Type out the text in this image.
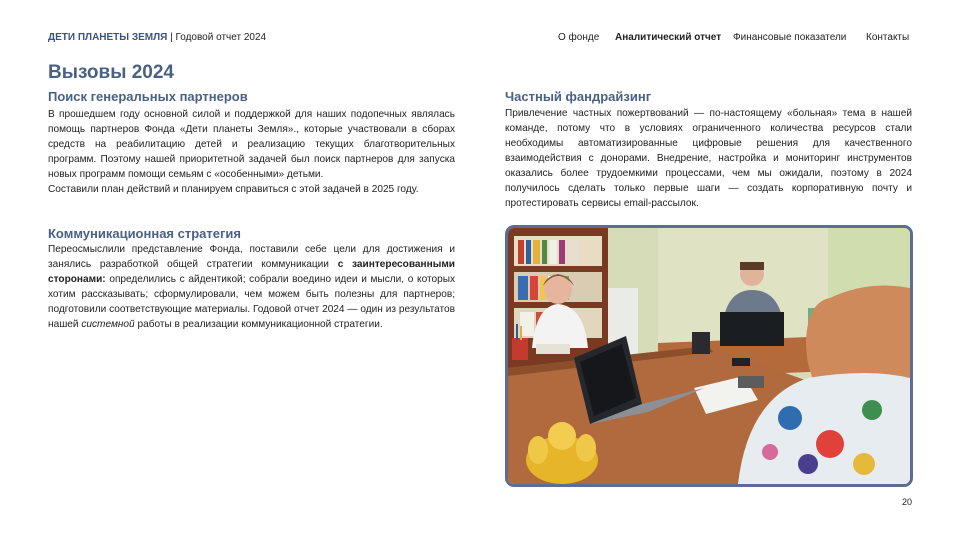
ДЕТИ ПЛАНЕТЫ ЗЕМЛЯ | Годовой отчет 2024	О фонде Аналитический отчет Финансовые показатели Контакты
Вызовы 2024
Поиск генеральных партнеров

В прошедшем году основной силой и поддержкой для наших подопечных являлась помощь партнеров Фонда «Дети планеты Земля»., которые участвовали в сборах средств на реабилитацию детей и реализацию текущих благотворительных программ. Поэтому нашей приоритетной задачей был поиск партнеров для запуска новых программ помощи семьям с «особенными» детьми.

Составили план действий и планируем справиться с этой задачей в 2025 году.

Коммуникационная стратегия
Переосмыслили представление Фонда, поставили себе цели для достижения и занялись разработкой общей стратегии коммуникации с заинтересованными сторонами: определились с айдентикой; собрали воедино идеи и мысли, о которых хотим рассказывать; сформулировали, чем можем быть полезны для партнеров; подготовили соответствующие материалы. Годовой отчет 2024 — один из результатов нашей системной работы в реализации коммуникационной стратегии.
Частный фандрайзинг
Привлечение частных пожертвований — по-настоящему «больная» тема в нашей команде, потому что в условиях ограниченного количества ресурсов стали необходимы автоматизированные цифровые решения для качественного взаимодействия с донорами. Внедрение, настройка и мониторинг инструментов оказались более трудоемкими процессами, чем мы ожидали, поэтому в 2024 получилось сделать только первые шаги — создать корпоративную почту и протестировать сервисы email-рассылок.
20
